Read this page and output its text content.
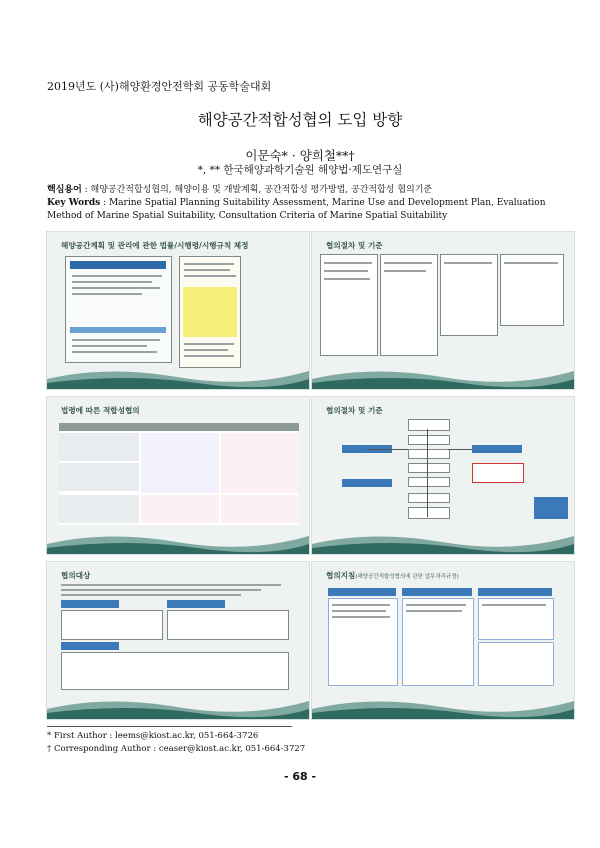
2019년도 (사)해양환경안전학회 공동학술대회
해양공간적합성협의 도입 방향
이문숙* · 양희철**†
*, ** 한국해양과학기술원 해양법·제도연구실
핵심용어 : 해양공간적합성협의, 해양이용 및 개발계획, 공간적합성 평가방법, 공간적합성 협의기준
Key Words : Marine Spatial Planning Suitability Assessment, Marine Use and Development Plan, Evaluation Method of Marine Spatial Suitability, Consultation Criteria of Marine Spatial Suitability
해양공간계획 및 관리에 관한 법률/시행령/시행규칙 체정	협의절차 및 기준
법령에 따른 적합성협의	협의절차 및 기준
협의대상	협의지침(해양공간적합성협의에 관한 업무처리규정)
* First Author : leems@kiost.ac.kr, 051-664-3726
† Corresponding Author : ceaser@kiost.ac.kr, 051-664-3727
- 68 -
